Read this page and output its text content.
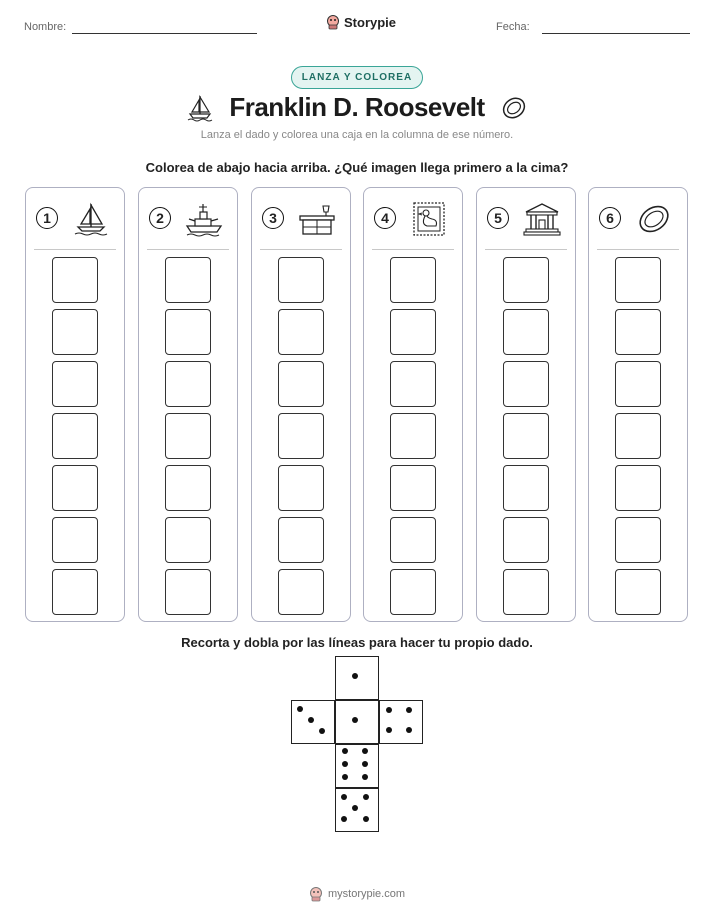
Nombre:	Storypie	Fecha:
LANZA Y COLOREA
Franklin D. Roosevelt
Lanza el dado y colorea una caja en la columna de ese número.
Colorea de abajo hacia arriba. ¿Qué imagen llega primero a la cima?
1	2	3	4	5	6
Recorta y dobla por las líneas para hacer tu propio dado.
mystorypie.com
